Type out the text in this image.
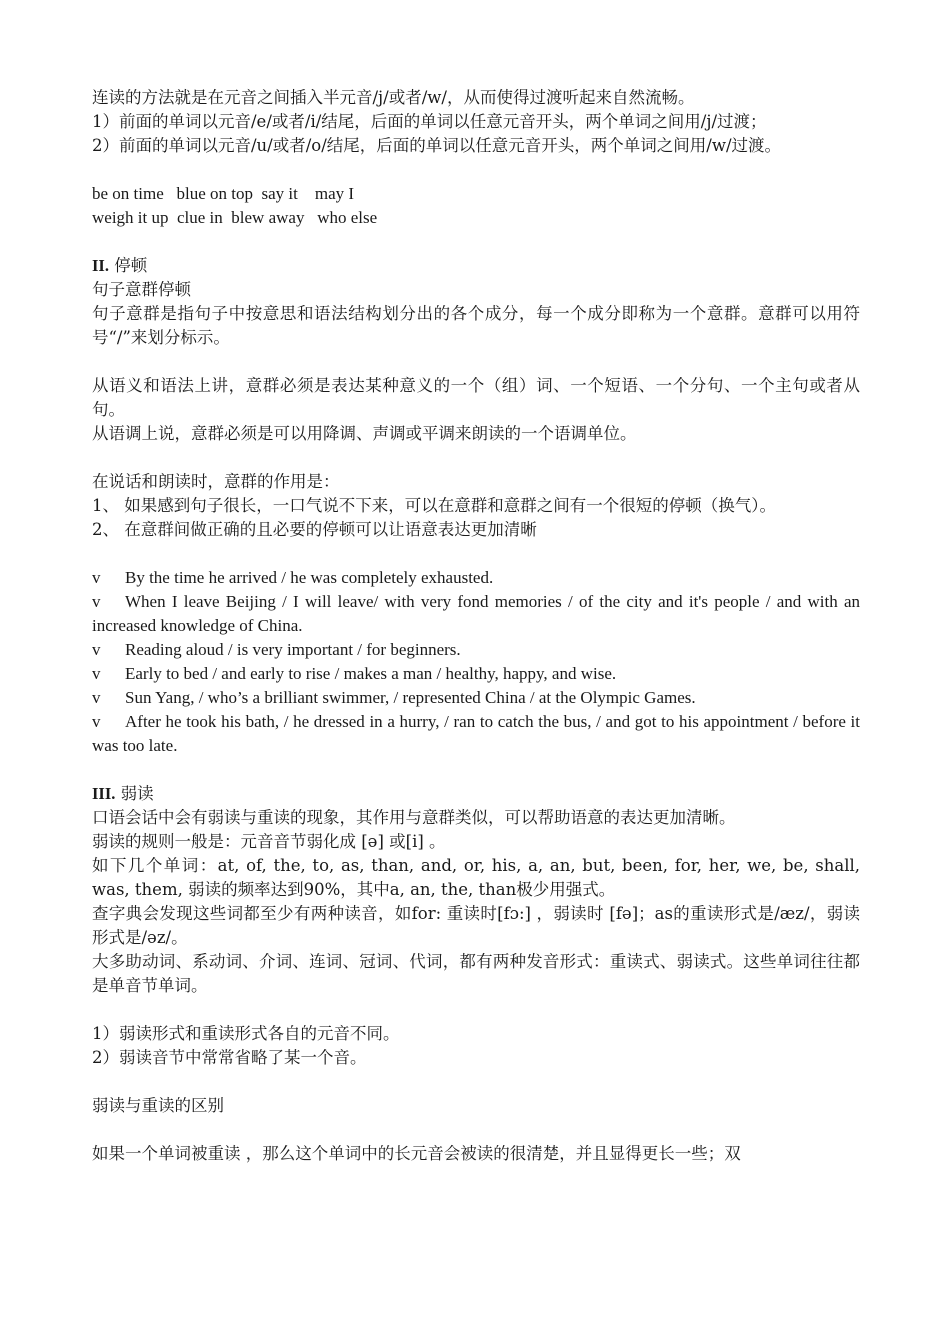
连读的方法就是在元音之间插入半元音/j/或者/w/，从而使得过渡听起来自然流畅。

1）前面的单词以元音/e/或者/i/结尾，后面的单词以任意元音开头，两个单词之间用/j/过渡；

2）前面的单词以元音/u/或者/o/结尾，后面的单词以任意元音开头，两个单词之间用/w/过渡。

be on time   blue on top  say it    may I

weigh it up  clue in  blew away   who else

II. 停顿

句子意群停顿

句子意群是指句子中按意思和语法结构划分出的各个成分，每一个成分即称为一个意群。意群可以用符号“/”来划分标示。

从语义和语法上讲，意群必须是表达某种意义的一个（组）词、一个短语、一个分句、一个主句或者从句。

从语调上说，意群必须是可以用降调、声调或平调来朗读的一个语调单位。

在说话和朗读时，意群的作用是：

1、 如果感到句子很长，一口气说不下来，可以在意群和意群之间有一个很短的停顿（换气）。

2、 在意群间做正确的且必要的停顿可以让语意表达更加清晰

v By the time he arrived / he was completely exhausted.

v When I leave Beijing / I will leave/ with very fond memories / of the city and it's people / and with an increased knowledge of China.

v Reading aloud / is very important / for beginners.

v Early to bed / and early to rise / makes a man / healthy, happy, and wise.

v Sun Yang, / who’s a brilliant swimmer, / represented China / at the Olympic Games.

v After he took his bath, / he dressed in a hurry, / ran to catch the bus, / and got to his appointment / before it was too late.

III. 弱读

口语会话中会有弱读与重读的现象，其作用与意群类似，可以帮助语意的表达更加清晰。

弱读的规则一般是：元音音节弱化成 [ə] 或[i] 。

如下几个单词：at, of, the, to, as, than, and, or, his, a, an, but, been, for, her, we, be, shall, was, them, 弱读的频率达到90%，其中a, an, the, than极少用强式。

查字典会发现这些词都至少有两种读音，如for: 重读时[fɔ:] ，弱读时 [fə]；as的重读形式是/æz/，弱读形式是/əz/。

大多助动词、系动词、介词、连词、冠词、代词，都有两种发音形式：重读式、弱读式。这些单词往往都是单音节单词。

1）弱读形式和重读形式各自的元音不同。

2）弱读音节中常常省略了某一个音。

弱读与重读的区别

如果一个单词被重读 ，那么这个单词中的长元音会被读的很清楚，并且显得更长一些；双
